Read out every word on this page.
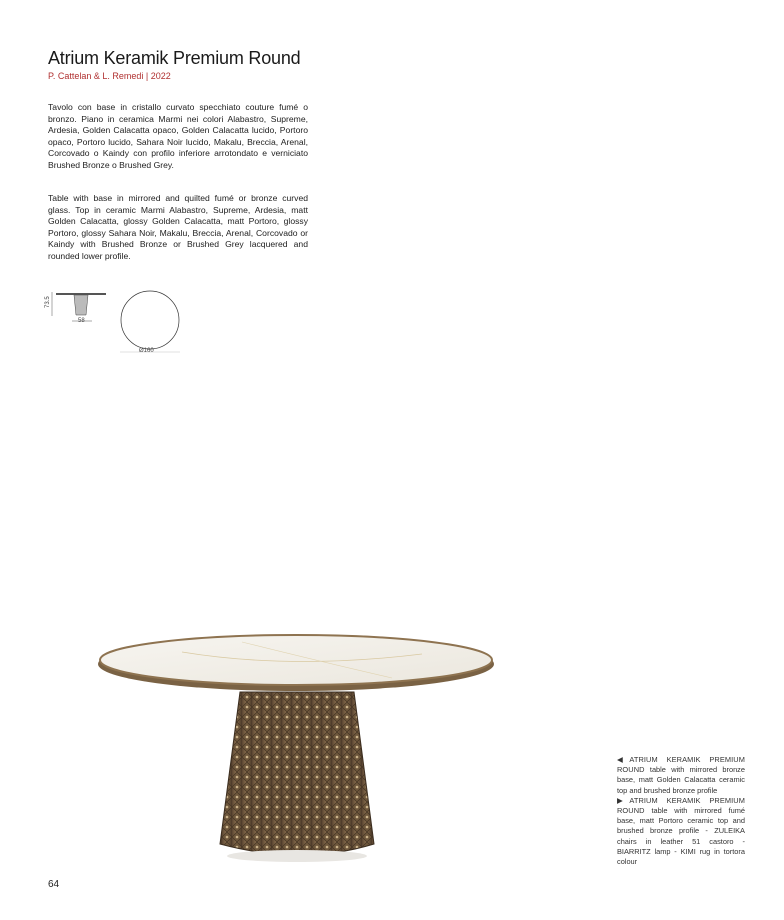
Atrium Keramik Premium Round
P. Cattelan & L. Remedi | 2022

Tavolo con base in cristallo curvato specchiato couture fumé o bronzo. Piano in ceramica Marmi nei colori Alabastro, Supreme, Ardesia, Golden Calacatta opaco, Golden Calacatta lucido, Portoro opaco, Portoro lucido, Sahara Noir lucido, Makalu, Breccia, Arenal, Corcovado o Kaindy con profilo inferiore arrotondato e verniciato Brushed Bronze o Brushed Grey.

Table with base in mirrored and quilted fumé or bronze curved glass. Top in ceramic Marmi Alabastro, Supreme, Ardesia, matt Golden Calacatta, glossy Golden Calacatta, matt Portoro, glossy Portoro, glossy Sahara Noir, Makalu, Breccia, Arenal, Corcovado or Kaindy with Brushed Bronze or Brushed Grey lacquered and rounded lower profile.

73.5
58
Ø160
◀ATRIUM KERAMIK PREMIUM ROUND table with mirrored bronze base, matt Golden Calacatta ceramic top and brushed bronze profile
▶ATRIUM KERAMIK PREMIUM ROUND table with mirrored fumé base, matt Portoro ceramic top and brushed bronze profile - ZULEIKA chairs in leather 51 castoro - BIARRITZ lamp - KIMI rug in tortora colour
64
